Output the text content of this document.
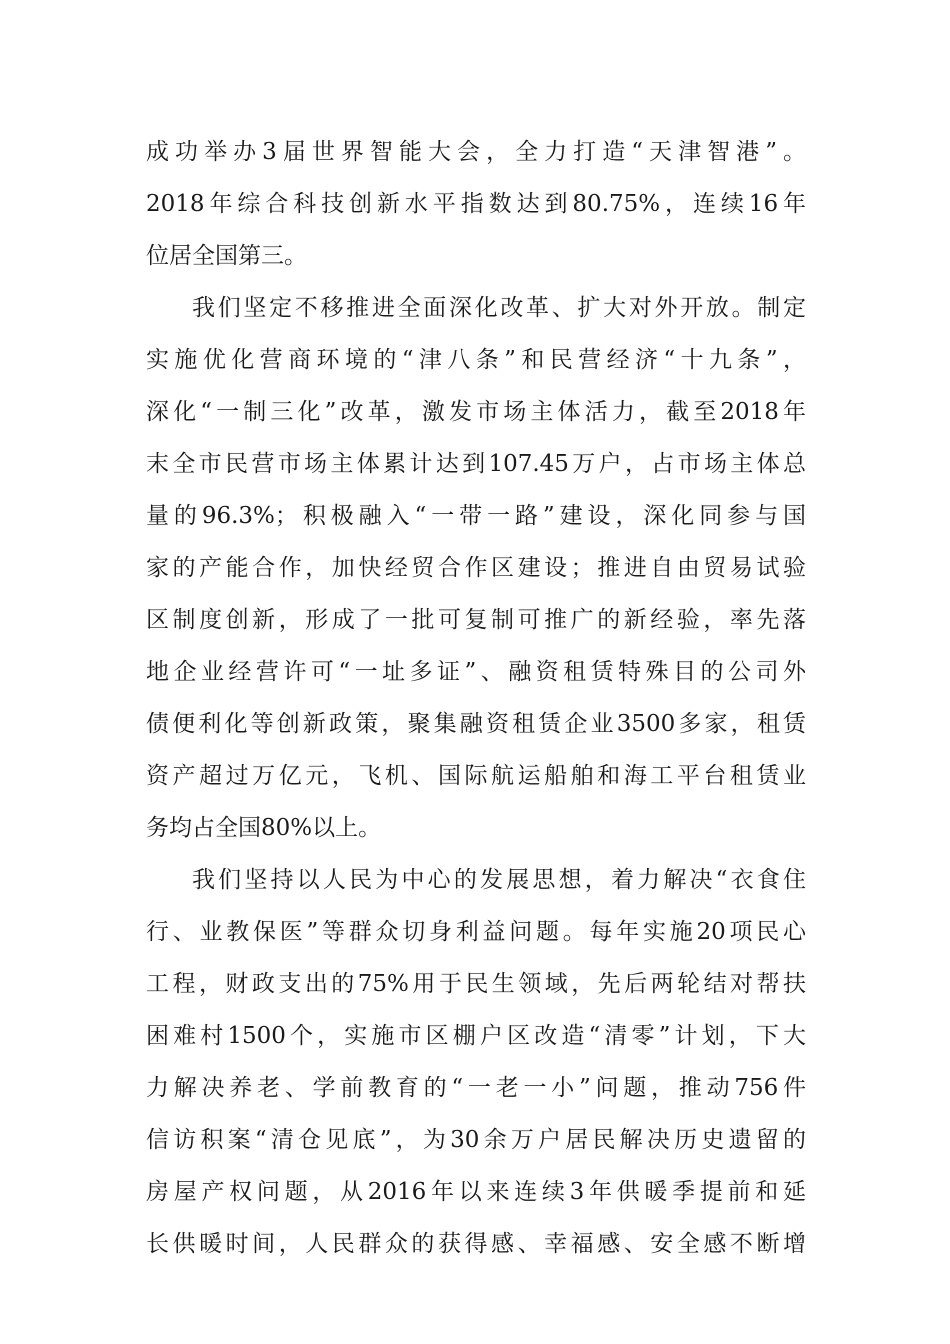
成功举办3届世界智能大会，全力打造“天津智港”。
2018年综合科技创新水平指数达到80.75%，连续16年
位居全国第三。
我们坚定不移推进全面深化改革、扩大对外开放。制定
实施优化营商环境的“津八条”和民营经济“十九条”，
深化“一制三化”改革，激发市场主体活力，截至2018年
末全市民营市场主体累计达到107.45万户，占市场主体总
量的96.3%；积极融入“一带一路”建设，深化同参与国
家的产能合作，加快经贸合作区建设；推进自由贸易试验
区制度创新，形成了一批可复制可推广的新经验，率先落
地企业经营许可“一址多证”、融资租赁特殊目的公司外
债便利化等创新政策，聚集融资租赁企业3500多家，租赁
资产超过万亿元，飞机、国际航运船舶和海工平台租赁业
务均占全国80%以上。
我们坚持以人民为中心的发展思想，着力解决“衣食住
行、业教保医”等群众切身利益问题。每年实施20项民心
工程，财政支出的75%用于民生领域，先后两轮结对帮扶
困难村1500个，实施市区棚户区改造“清零”计划，下大
力解决养老、学前教育的“一老一小”问题，推动756件
信访积案“清仓见底”，为30余万户居民解决历史遗留的
房屋产权问题，从2016年以来连续3年供暖季提前和延
长供暖时间，人民群众的获得感、幸福感、安全感不断增
